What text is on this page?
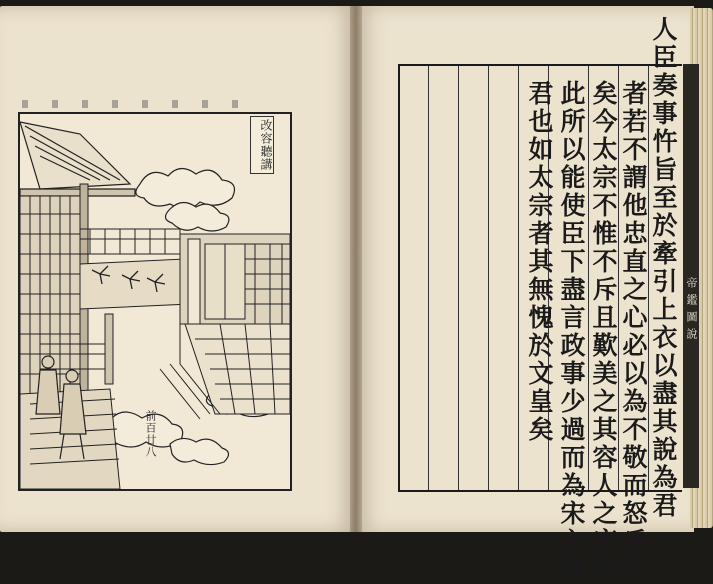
改容聽講
前百廿八	人臣奏事忤旨至於牽引上衣以盡其說為君
者若不謂他忠直之心必以為不敬而怒斥之
矣今太宗不惟不斥且歎美之其容人之度如
此所以能使臣下盡言政事少過而為宋之賢
君也如太宗者其無愧於文皇矣	帝鑑圖說
